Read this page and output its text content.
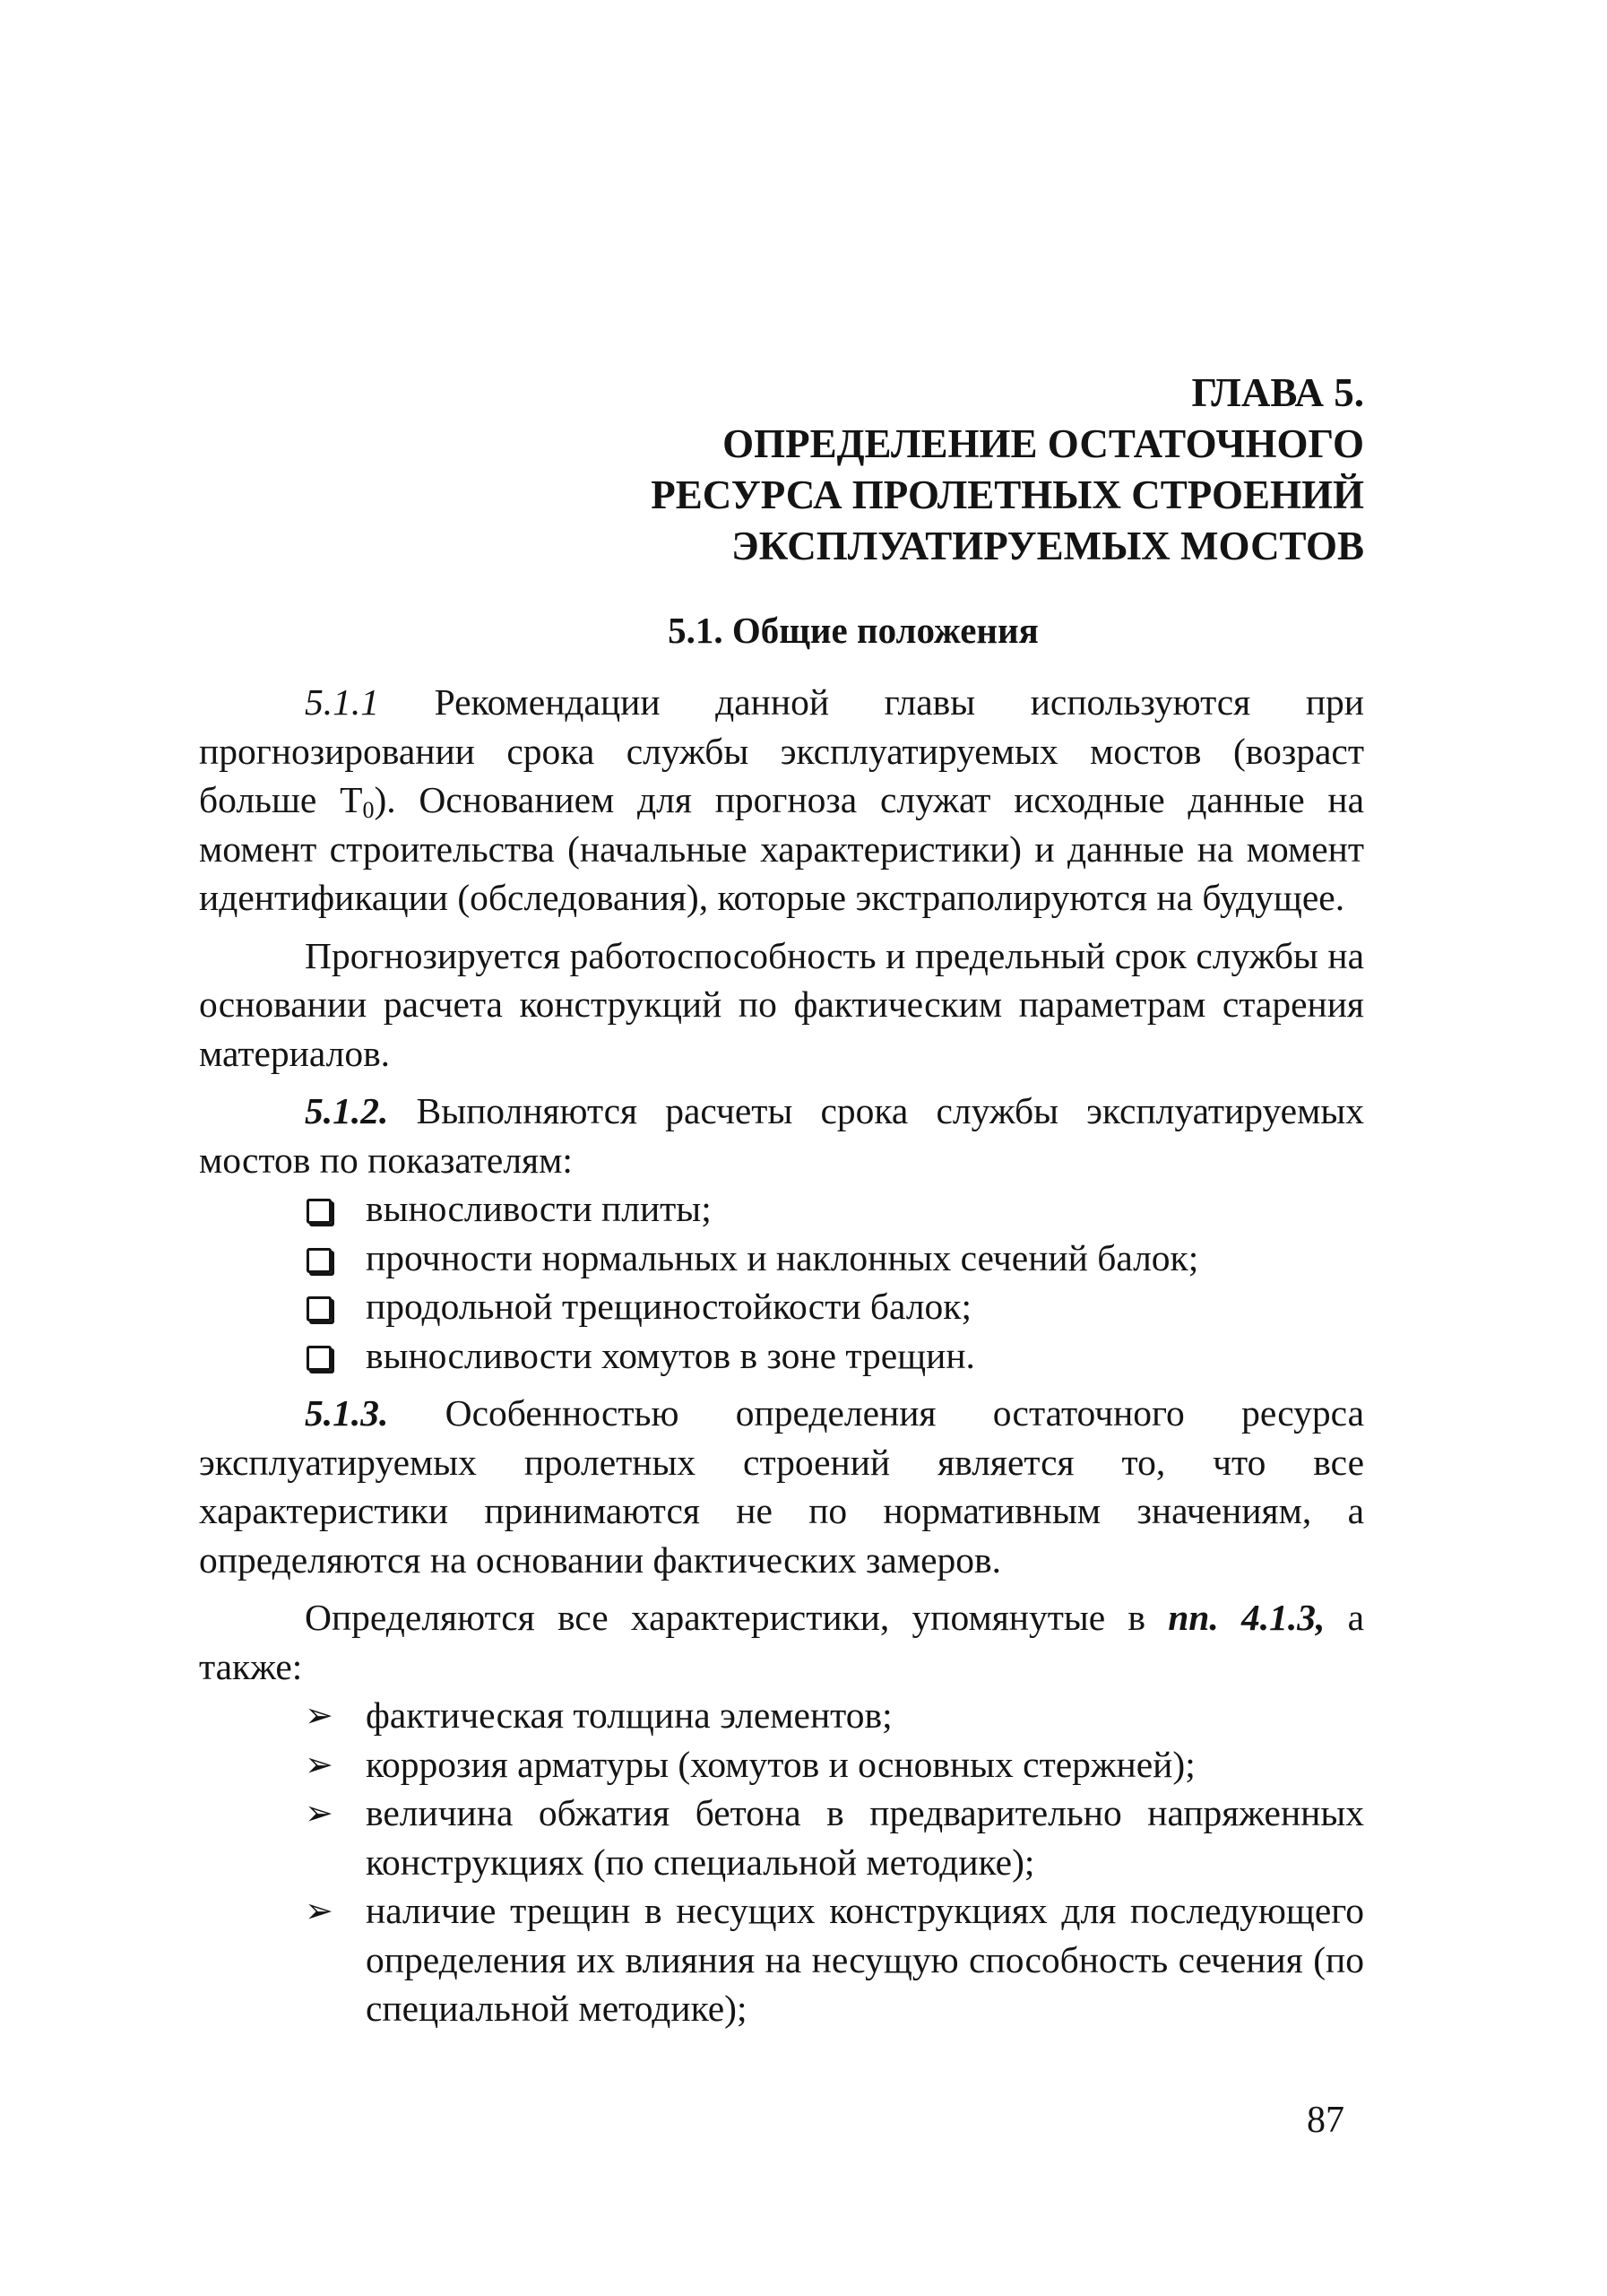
ГЛАВА 5.
ОПРЕДЕЛЕНИЕ ОСТАТОЧНОГО
РЕСУРСА ПРОЛЕТНЫХ СТРОЕНИЙ
ЭКСПЛУАТИРУЕМЫХ МОСТОВ
5.1. Общие положения

5.1.1 Рекомендации данной главы используются при прогнозировании срока службы эксплуатируемых мостов (возраст больше $T_0$). Основанием для прогноза служат исходные данные на момент строительства (начальные характеристики) и данные на момент идентификации (обследования), которые экстраполируются на будущее.

Прогнозируется работоспособность и предельный срок службы на основании расчета конструкций по фактическим параметрам старения материалов.

5.1.2. Выполняются расчеты срока службы эксплуатируемых мостов по показателям:

выносливости плиты;
прочности нормальных и наклонных сечений балок;
продольной трещиностойкости балок;
выносливости хомутов в зоне трещин.

5.1.3. Особенностью определения остаточного ресурса эксплуатируемых пролетных строений является то, что все характеристики принимаются не по нормативным значениям, а определяются на основании фактических замеров.

Определяются все характеристики, упомянутые в пп. 4.1.3, а также:

➢ фактическая толщина элементов;
➢ коррозия арматуры (хомутов и основных стержней);
➢ величина обжатия бетона в предварительно напряженных конструкциях (по специальной методике);
➢ наличие трещин в несущих конструкциях для последующего определения их влияния на несущую способность сечения (по специальной методике);
87
